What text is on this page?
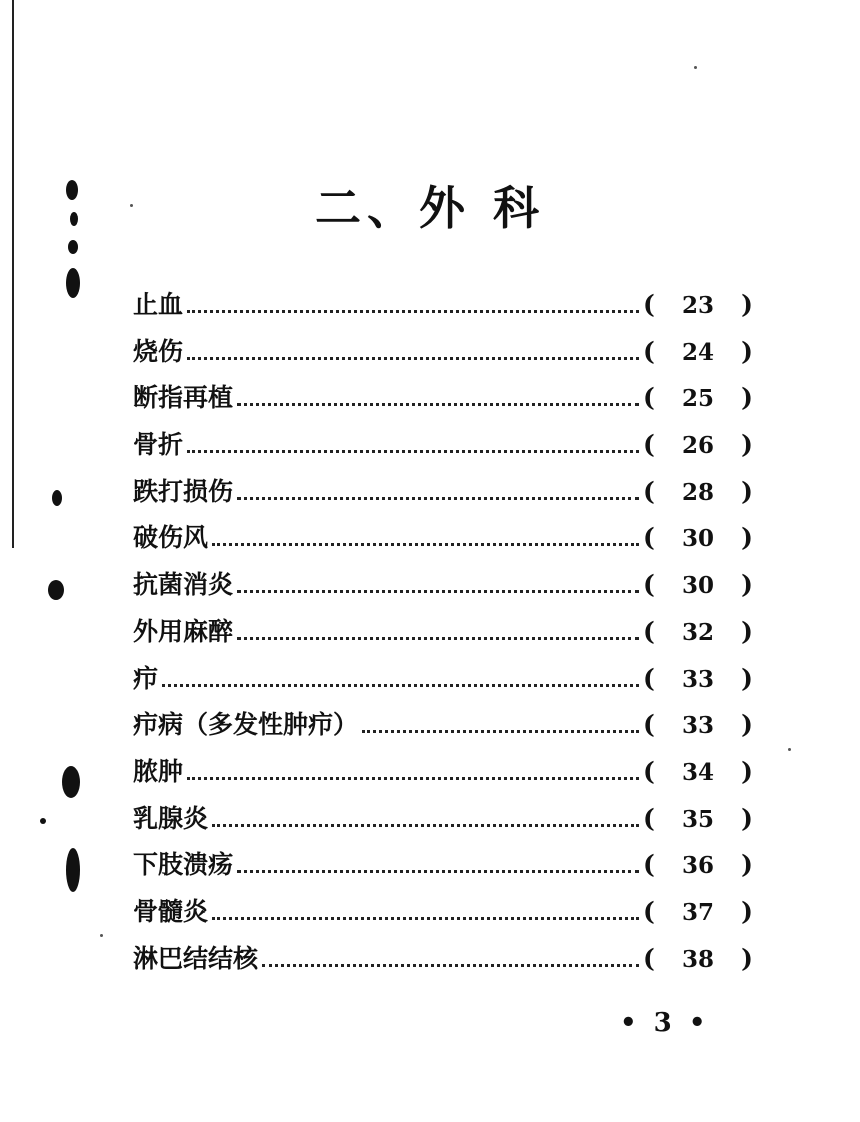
二、外 科
止血	(	23	)
烧伤	(	24	)
断指再植	(	25	)
骨折	(	26	)
跌打损伤	(	28	)
破伤风	(	30	)
抗菌消炎	(	30	)
外用麻醉	(	32	)
疖	(	33	)
疖病（多发性肿疖）	(	33	)
脓肿	(	34	)
乳腺炎	(	35	)
下肢溃疡	(	36	)
骨髓炎	(	37	)
淋巴结结核	(	38	)
• 3 •
